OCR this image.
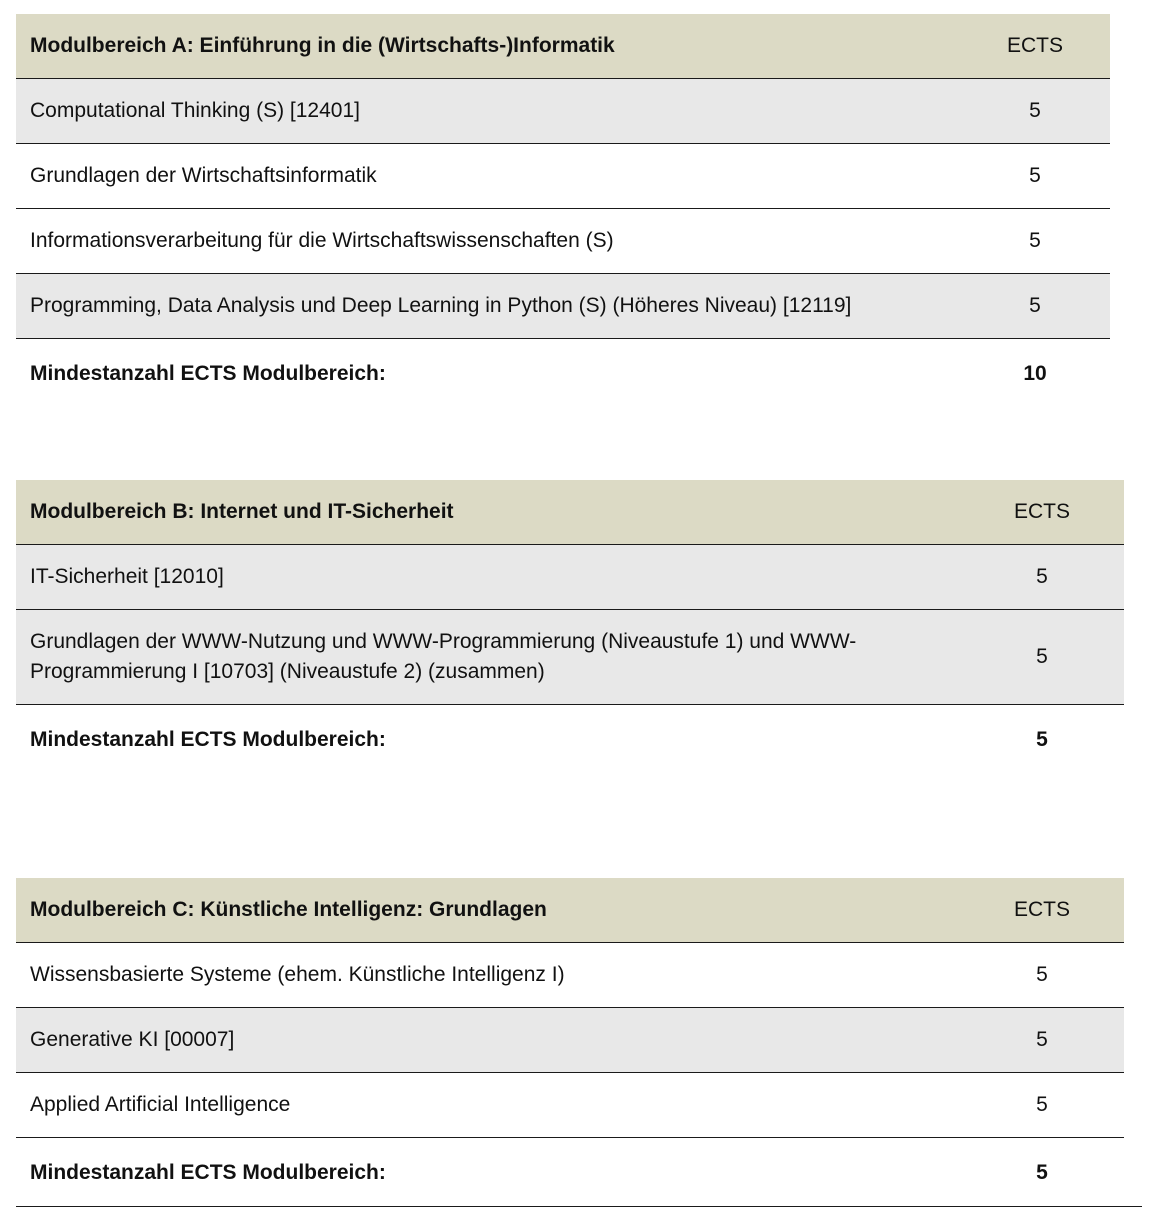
Modulbereich A: Einführung in die (Wirtschafts-)Informatik	ECTS
Computational Thinking (S) [12401]	5
Grundlagen der Wirtschaftsinformatik	5
Informationsverarbeitung für die Wirtschaftswissenschaften (S)	5
Programming, Data Analysis und Deep Learning in Python (S) (Höheres Niveau) [12119]	5
Mindestanzahl ECTS Modulbereich:	10
Modulbereich B: Internet und IT-Sicherheit	ECTS
IT-Sicherheit [12010]	5
Grundlagen der WWW-Nutzung und WWW-Programmierung (Niveaustufe 1) und WWW-Programmierung I [10703] (Niveaustufe 2) (zusammen)	5
Mindestanzahl ECTS Modulbereich:	5
Modulbereich C: Künstliche Intelligenz: Grundlagen	ECTS
Wissensbasierte Systeme (ehem. Künstliche Intelligenz I)	5
Generative KI [00007]	5
Applied Artificial Intelligence	5
Mindestanzahl ECTS Modulbereich:	5
